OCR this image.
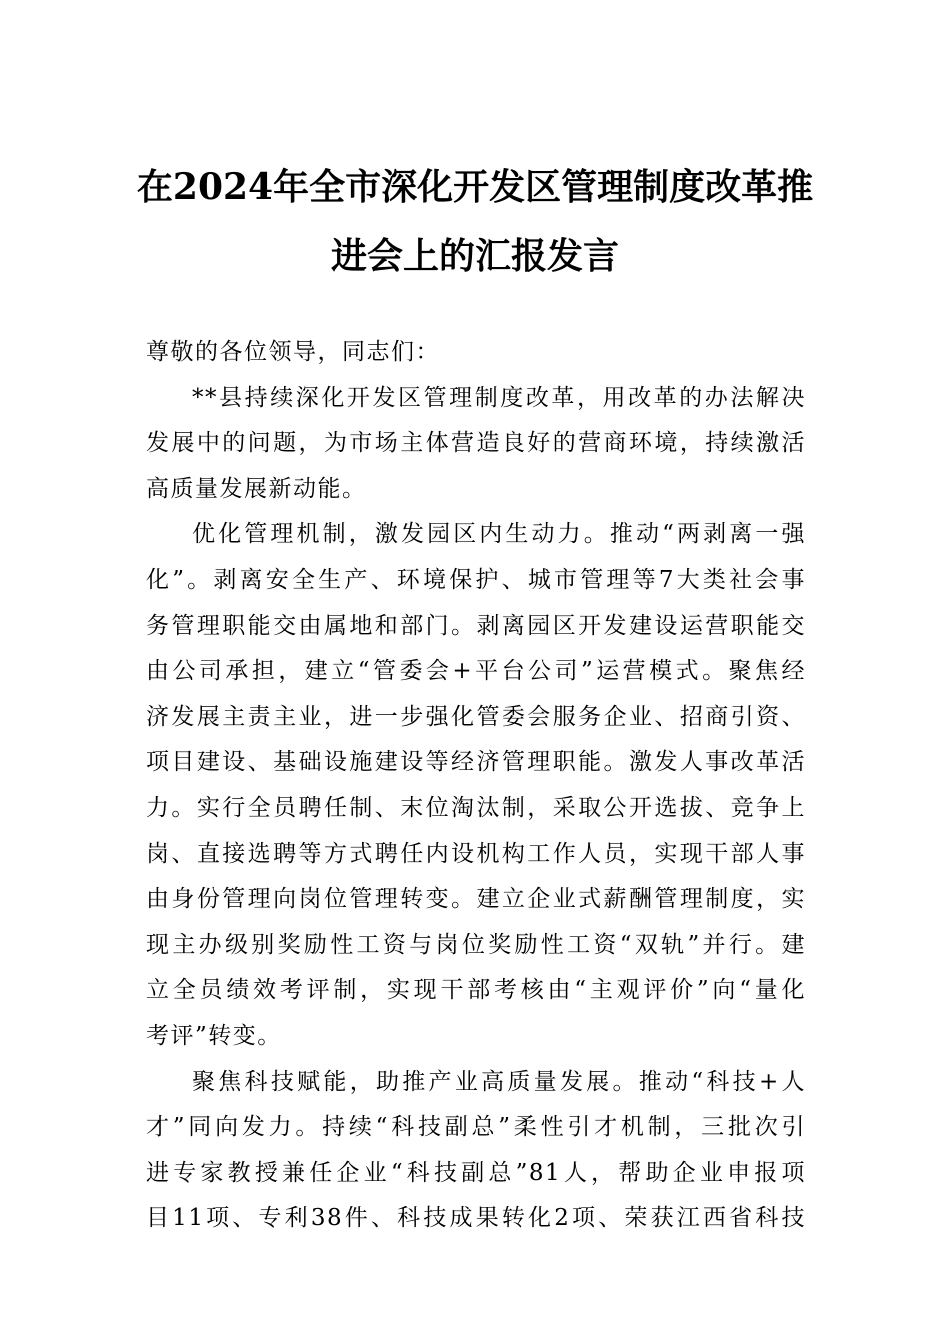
在2024年全市深化开发区管理制度改革推
进会上的汇报发言
尊敬的各位领导，同志们：
**县持续深化开发区管理制度改革，用改革的办法解决
发展中的问题，为市场主体营造良好的营商环境，持续激活
高质量发展新动能。
优化管理机制，激发园区内生动力。推动“两剥离一强
化”。剥离安全生产、环境保护、城市管理等7大类社会事
务管理职能交由属地和部门。剥离园区开发建设运营职能交
由公司承担，建立“管委会+平台公司”运营模式。聚焦经
济发展主责主业，进一步强化管委会服务企业、招商引资、
项目建设、基础设施建设等经济管理职能。激发人事改革活
力。实行全员聘任制、末位淘汰制，采取公开选拔、竞争上
岗、直接选聘等方式聘任内设机构工作人员，实现干部人事
由身份管理向岗位管理转变。建立企业式薪酬管理制度，实
现主办级别奖励性工资与岗位奖励性工资“双轨”并行。建
立全员绩效考评制，实现干部考核由“主观评价”向“量化
考评”转变。
聚焦科技赋能，助推产业高质量发展。推动“科技+人
才”同向发力。持续“科技副总”柔性引才机制，三批次引
进专家教授兼任企业“科技副总”81人，帮助企业申报项
目11项、专利38件、科技成果转化2项、荣获江西省科技
